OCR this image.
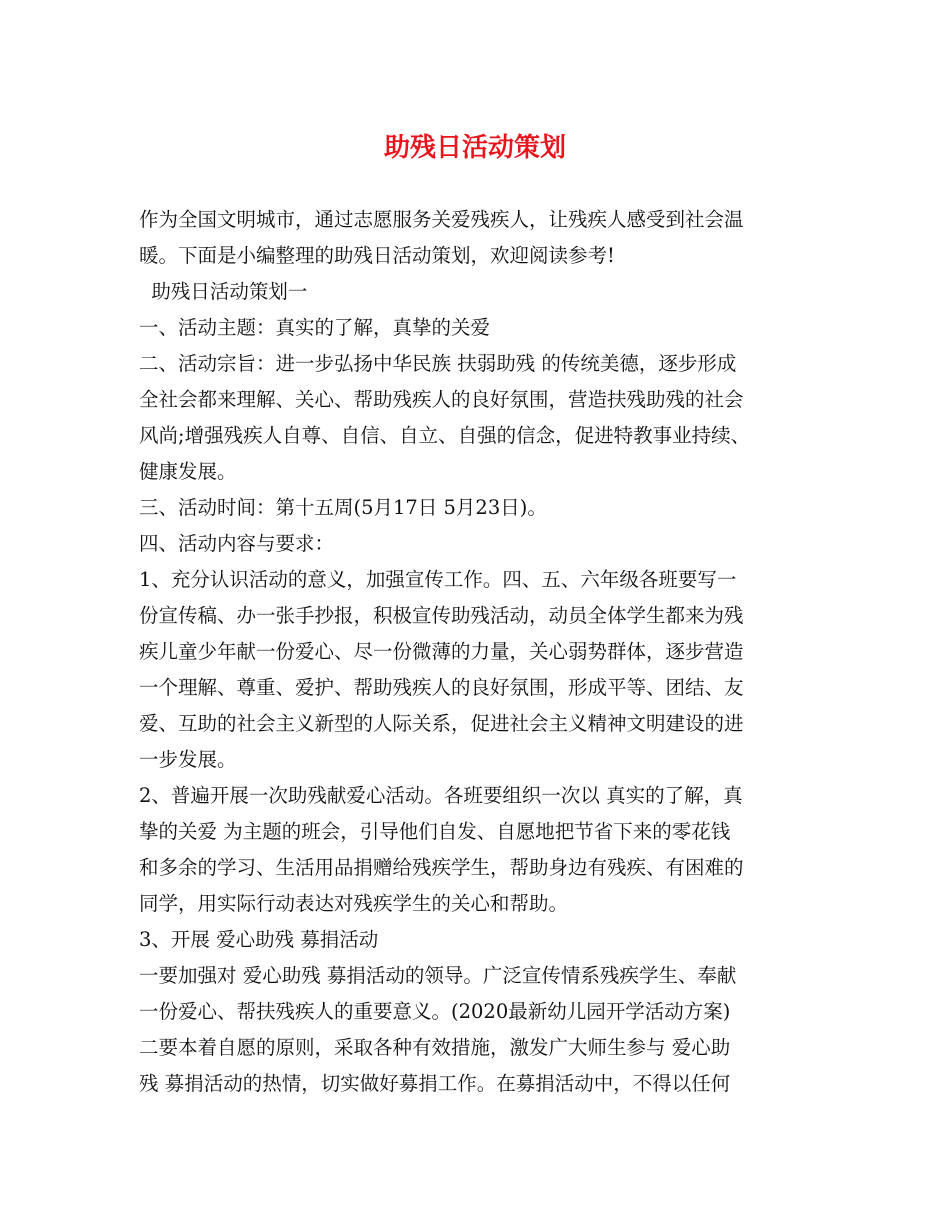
助残日活动策划

作为全国文明城市，通过志愿服务关爱残疾人，让残疾人感受到社会温

暖。下面是小编整理的助残日活动策划，欢迎阅读参考!

助残日活动策划一

一、活动主题：真实的了解，真挚的关爱

二、活动宗旨：进一步弘扬中华民族 扶弱助残 的传统美德，逐步形成

全社会都来理解、关心、帮助残疾人的良好氛围，营造扶残助残的社会

风尚;增强残疾人自尊、自信、自立、自强的信念，促进特教事业持续、

健康发展。

三、活动时间：第十五周(5月17日 5月23日)。

四、活动内容与要求：

1、充分认识活动的意义，加强宣传工作。四、五、六年级各班要写一

份宣传稿、办一张手抄报，积极宣传助残活动，动员全体学生都来为残

疾儿童少年献一份爱心、尽一份微薄的力量，关心弱势群体，逐步营造

一个理解、尊重、爱护、帮助残疾人的良好氛围，形成平等、团结、友

爱、互助的社会主义新型的人际关系，促进社会主义精神文明建设的进

一步发展。

2、普遍开展一次助残献爱心活动。各班要组织一次以 真实的了解，真

挚的关爱 为主题的班会，引导他们自发、自愿地把节省下来的零花钱

和多余的学习、生活用品捐赠给残疾学生，帮助身边有残疾、有困难的

同学，用实际行动表达对残疾学生的关心和帮助。

3、开展 爱心助残 募捐活动

一要加强对 爱心助残 募捐活动的领导。广泛宣传情系残疾学生、奉献

一份爱心、帮扶残疾人的重要意义。(2020最新幼儿园开学活动方案)

二要本着自愿的原则，采取各种有效措施，激发广大师生参与 爱心助

残 募捐活动的热情，切实做好募捐工作。在募捐活动中，不得以任何
